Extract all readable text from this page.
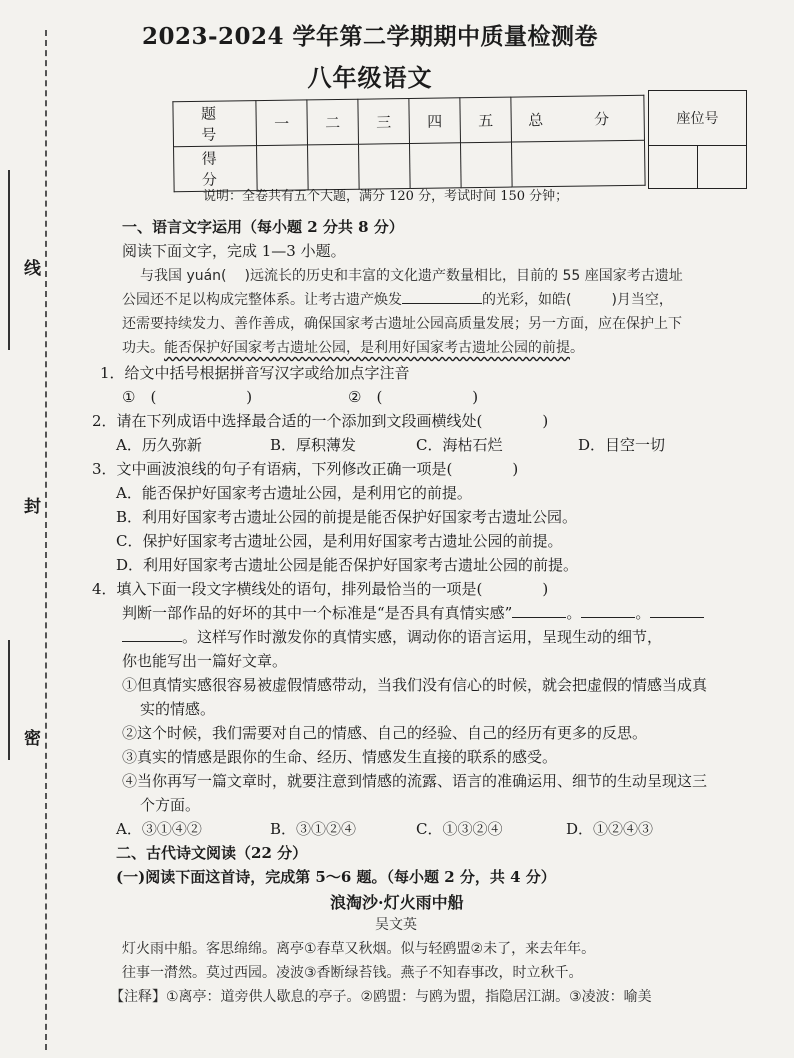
线
封
密
2023-2024 学年第二学期期中质量检测卷
八年级语文
题　号	一	二	三	四	五	总　分
得　分						
座位号

说明：全卷共有五个大题，满分 120 分，考试时间 150 分钟；
一、语言文字运用（每小题 2 分共 8 分）
阅读下面文字，完成 1—3 小题。
与我国 yuán( )远流长的历史和丰富的文化遗产数量相比，目前的 55 座国家考古遗址
公园还不足以构成完整体系。让考古遗产焕发	的光彩，如皓(	)月当空，
还需要持续发力、善作善成，确保国家考古遗址公园高质量发展；另一方面，应在保护上下
功夫。能否保护好国家考古遗址公园，是利用好国家考古遗址公园的前提。
1．给文中括号根据拼音写汉字或给加点字注音
①　(　　　　　　)	②　(　　　　　　)
2．请在下列成语中选择最合适的一个添加到文段画横线处(　　　　)
A．历久弥新	B．厚积薄发	C．海枯石烂	D．目空一切
3．文中画波浪线的句子有语病，下列修改正确一项是(　　　　)
A．能否保护好国家考古遗址公园，是利用它的前提。
B．利用好国家考古遗址公园的前提是能否保护好国家考古遗址公园。
C．保护好国家考古遗址公园，是利用好国家考古遗址公园的前提。
D．利用好国家考古遗址公园是能否保护好国家考古遗址公园的前提。
4．填入下面一段文字横线处的语句，排列最恰当的一项是(　　　　)
判断一部作品的好坏的其中一个标准是“是否具有真情实感”	。	。
。这样写作时激发你的真情实感，调动你的语言运用，呈现生动的细节，
你也能写出一篇好文章。
①但真情实感很容易被虚假情感带动，当我们没有信心的时候，就会把虚假的情感当成真
实的情感。
②这个时候，我们需要对自己的情感、自己的经验、自己的经历有更多的反思。
③真实的情感是跟你的生命、经历、情感发生直接的联系的感受。
④当你再写一篇文章时，就要注意到情感的流露、语言的准确运用、细节的生动呈现这三
个方面。
A．③①④②	B．③①②④	C．①③②④	D．①②④③
二、古代诗文阅读（22 分）
(一)阅读下面这首诗，完成第 5～6 题。（每小题 2 分，共 4 分）
浪淘沙·灯火雨中船
吴文英
灯火雨中船。客思绵绵。离亭①春草又秋烟。似与轻鸥盟②未了，来去年年。
往事一潸然。莫过西园。凌波③香断绿苔钱。燕子不知春事改，时立秋千。
【注释】①离亭：道旁供人歇息的亭子。②鸥盟：与鸥为盟，指隐居江湖。③凌波：喻美
